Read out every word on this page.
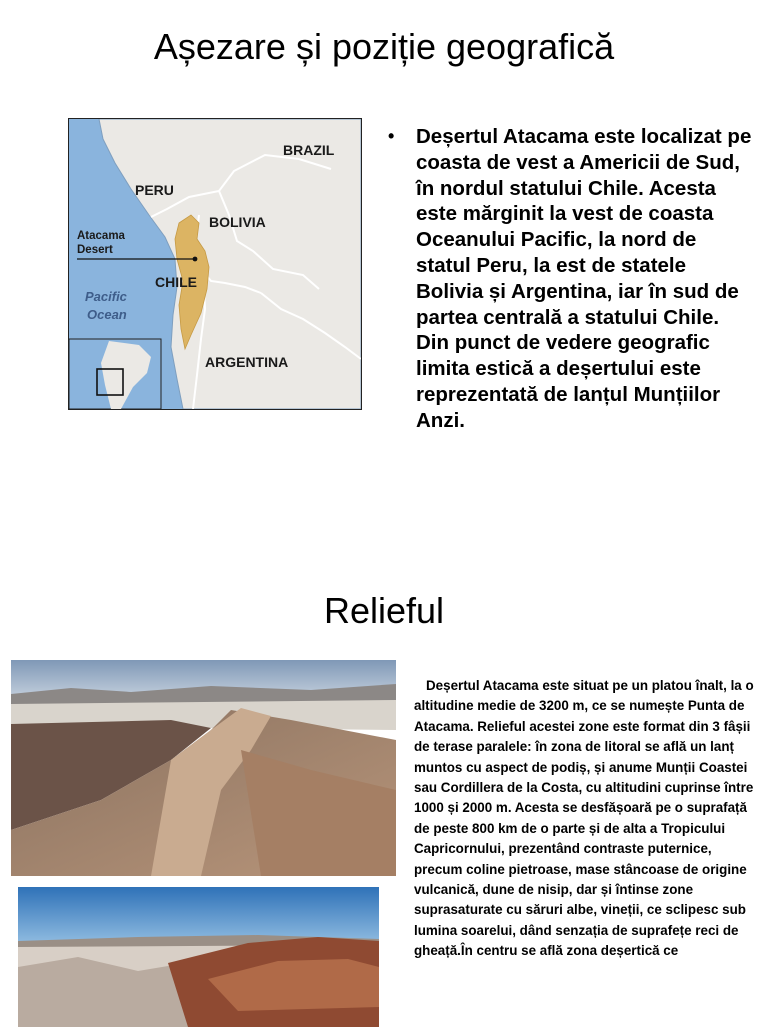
Așezare și poziție geografică
BRAZIL
PERU
BOLIVIA
CHILE
ARGENTINA
Atacama
Desert
Pacific
Ocean
• Deșertul Atacama este localizat pe coasta de vest a Americii de Sud, în nordul statului Chile. Acesta este mărginit la vest de coasta Oceanului Pacific, la nord de statul Peru, la est de statele Bolivia și Argentina, iar în sud de partea centrală a statului Chile. Din punct de vedere geografic limita estică a deșertului este reprezentată de lanțul Munțiilor Anzi.
Relieful
Deșertul Atacama este situat pe un platou înalt, la o altitudine medie de 3200 m, ce se numește Punta de Atacama. Relieful acestei zone este format din 3 fâșii de terase paralele: în zona de litoral se află un lanț muntos cu aspect de podiș, și anume Munții Coastei sau Cordillera de la Costa, cu altitudini cuprinse între 1000 și 2000 m. Acesta se desfășoară pe o suprafață de peste 800 km de o parte și de alta a Tropicului Capricornului, prezentând contraste puternice, precum coline pietroase, mase stâncoase de origine vulcanică, dune de nisip, dar și întinse zone suprasaturate cu săruri albe, vineții, ce sclipesc sub lumina soarelui, dând senzația de suprafețe reci de gheață.În centru se află zona deșertică ce
